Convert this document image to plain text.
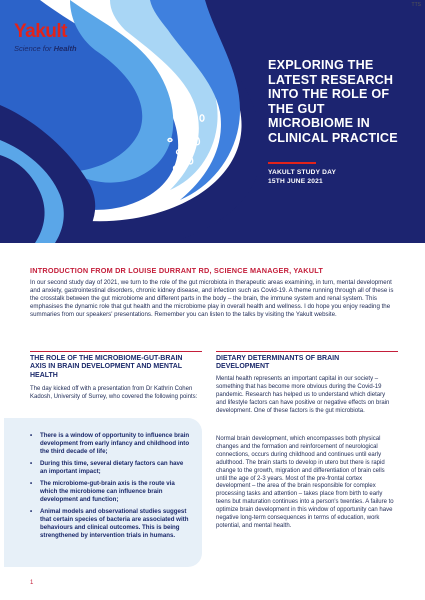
Yakult
Science for Health
TTS
EXPLORING THE
LATEST RESEARCH
INTO THE ROLE OF
THE GUT
MICROBIOME IN
CLINICAL PRACTICE
YAKULT STUDY DAY
15TH JUNE 2021
INTRODUCTION FROM DR LOUISE DURRANT RD, SCIENCE MANAGER, YAKULT

In our second study day of 2021, we turn to the role of the gut microbiota in therapeutic areas examining, in turn, mental development and anxiety, gastrointestinal disorders, chronic kidney disease, and infection such as Covid-19. A theme running through all of these is the crosstalk between the gut microbiome and different parts in the body – the brain, the immune system and renal system. This emphasises the dynamic role that gut health and the microbiome play in overall health and wellness. I do hope you enjoy reading the summaries from our speakers' presentations. Remember you can listen to the talks by visiting the Yakult website.

THE ROLE OF THE MICROBIOME-GUT-BRAIN
AXIS IN BRAIN DEVELOPMENT AND MENTAL
HEALTH

The day kicked off with a presentation from Dr Kathrin Cohen Kadosh, University of Surrey, who covered the following points:

• There is a window of opportunity to influence brain development from early infancy and childhood into the third decade of life;
• During this time, several dietary factors can have an important impact;
• The microbiome-gut-brain axis is the route via which the microbiome can influence brain development and function;
• Animal models and observational studies suggest that certain species of bacteria are associated with behaviours and clinical outcomes. This is being strengthened by intervention trials in humans.
DIETARY DETERMINANTS OF BRAIN
DEVELOPMENT

Mental health represents an important capital in our society – something that has become more obvious during the Covid-19 pandemic. Research has helped us to understand which dietary and lifestyle factors can have positive or negative effects on brain development. One of these factors is the gut microbiota.

Normal brain development, which encompasses both physical changes and the formation and reinforcement of neurological connections, occurs during childhood and continues until early adulthood. The brain starts to develop in utero but there is rapid change to the growth, migration and differentiation of brain cells until the age of 2-3 years. Most of the pre-frontal cortex development – the area of the brain responsible for complex processing tasks and attention – takes place from birth to early teens but maturation continues into a person's twenties. A failure to optimize brain development in this window of opportunity can have negative long-term consequences in terms of education, work potential, and mental health.

1
